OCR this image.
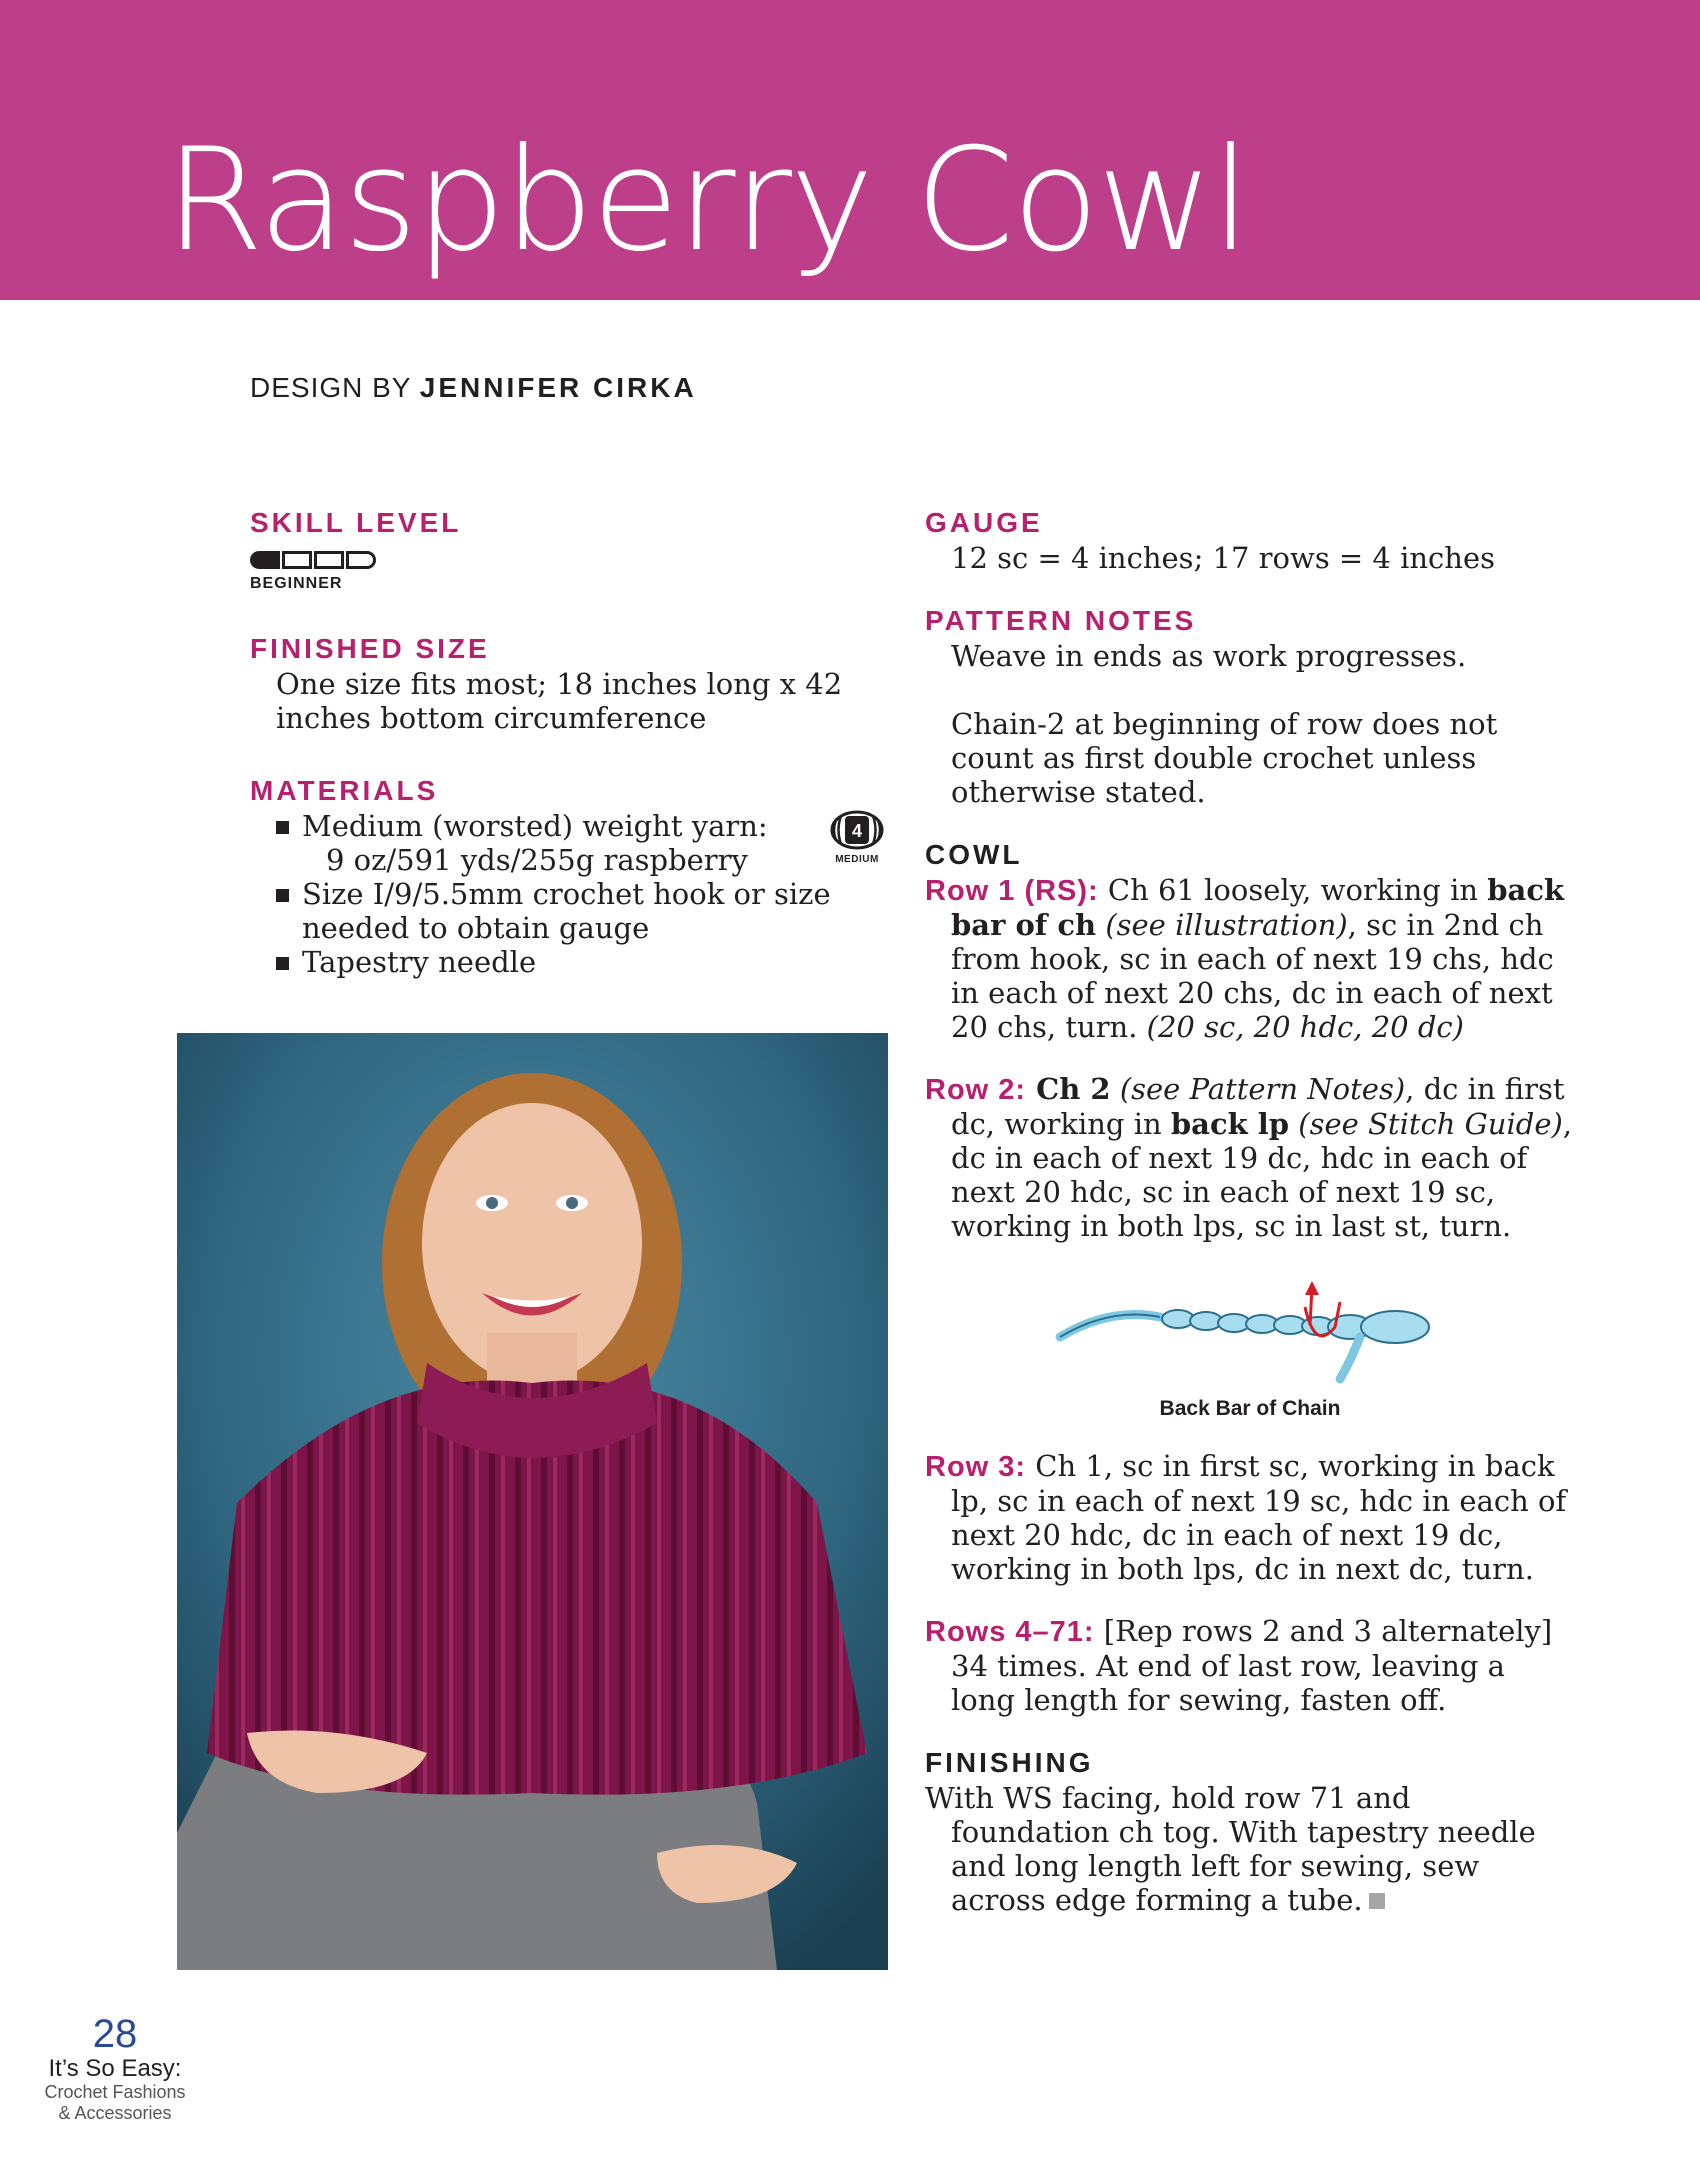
Raspberry Cowl
DESIGN BY JENNIFER CIRKA
SKILL LEVEL
BEGINNER
FINISHED SIZE

One size fits most; 18 inches long x 42 inches bottom circumference

MATERIALS
Medium (worsted) weight yarn:
9 oz/591 yds/255g raspberry
Size I/9/5.5mm crochet hook or size needed to obtain gauge
Tapestry needle
4
MEDIUM
GAUGE

12 sc = 4 inches; 17 rows = 4 inches

PATTERN NOTES

Weave in ends as work progresses.

Chain-2 at beginning of row does not count as first double crochet unless otherwise stated.

COWL
Row 1 (RS): Ch 61 loosely, working in back bar of ch (see illustration), sc in 2nd ch from hook, sc in each of next 19 chs, hdc in each of next 20 chs, dc in each of next 20 chs, turn. (20 sc, 20 hdc, 20 dc)
Row 2: Ch 2 (see Pattern Notes), dc in first dc, working in back lp (see Stitch Guide), dc in each of next 19 dc, hdc in each of next 20 hdc, sc in each of next 19 sc, working in both lps, sc in last st, turn.
Back Bar of Chain
Row 3: Ch 1, sc in first sc, working in back lp, sc in each of next 19 sc, hdc in each of next 20 hdc, dc in each of next 19 dc, working in both lps, dc in next dc, turn.
Rows 4–71: [Rep rows 2 and 3 alternately] 34 times. At end of last row, leaving a long length for sewing, fasten off.
FINISHING
With WS facing, hold row 71 and foundation ch tog. With tapestry needle and long length left for sewing, sew across edge forming a tube.
28
It’s So Easy:
Crochet Fashions
& Accessories
